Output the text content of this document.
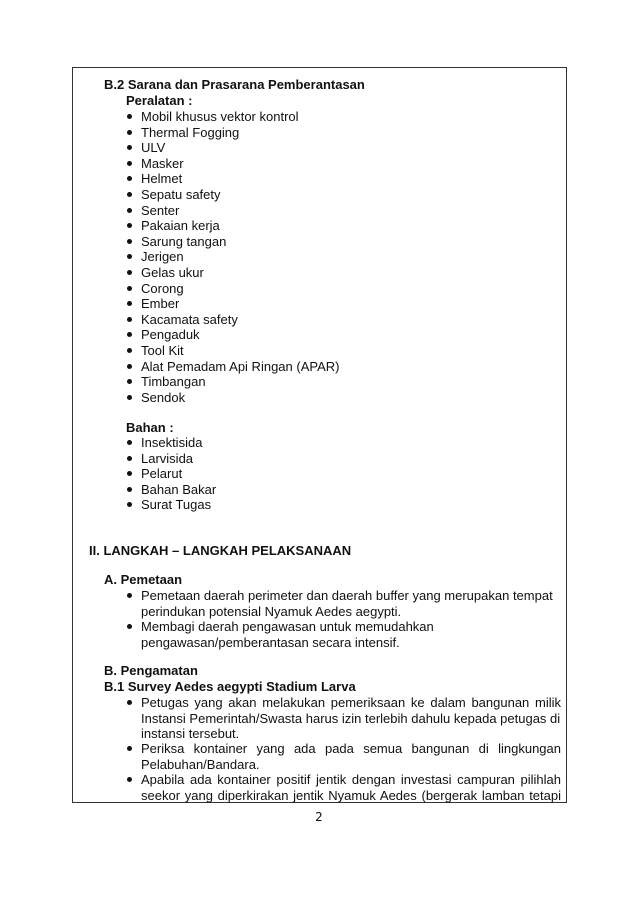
B.2 Sarana dan Prasarana Pemberantasan
Peralatan :
Mobil khusus vektor kontrol
Thermal Fogging
ULV
Masker
Helmet
Sepatu safety
Senter
Pakaian kerja
Sarung tangan
Jerigen
Gelas ukur
Corong
Ember
Kacamata safety
Pengaduk
Tool Kit
Alat Pemadam Api Ringan (APAR)
Timbangan
Sendok
Bahan :
Insektisida
Larvisida
Pelarut
Bahan Bakar
Surat Tugas
II. LANGKAH – LANGKAH PELAKSANAAN
A. Pemetaan
Pemetaan daerah perimeter dan daerah buffer yang merupakan tempat
perindukan potensial Nyamuk Aedes aegypti.
Membagi daerah pengawasan untuk memudahkan
pengawasan/pemberantasan secara intensif.
B. Pengamatan
B.1 Survey Aedes aegypti Stadium Larva
Petugas yang akan melakukan pemeriksaan ke dalam bangunan milik
Instansi Pemerintah/Swasta harus izin terlebih dahulu kepada petugas di
instansi tersebut.
Periksa kontainer yang ada pada semua bangunan di lingkungan
Pelabuhan/Bandara.
Apabila ada kontainer positif jentik dengan investasi campuran pilihlah
seekor yang diperkirakan jentik Nyamuk Aedes (bergerak lamban tetapi
2
